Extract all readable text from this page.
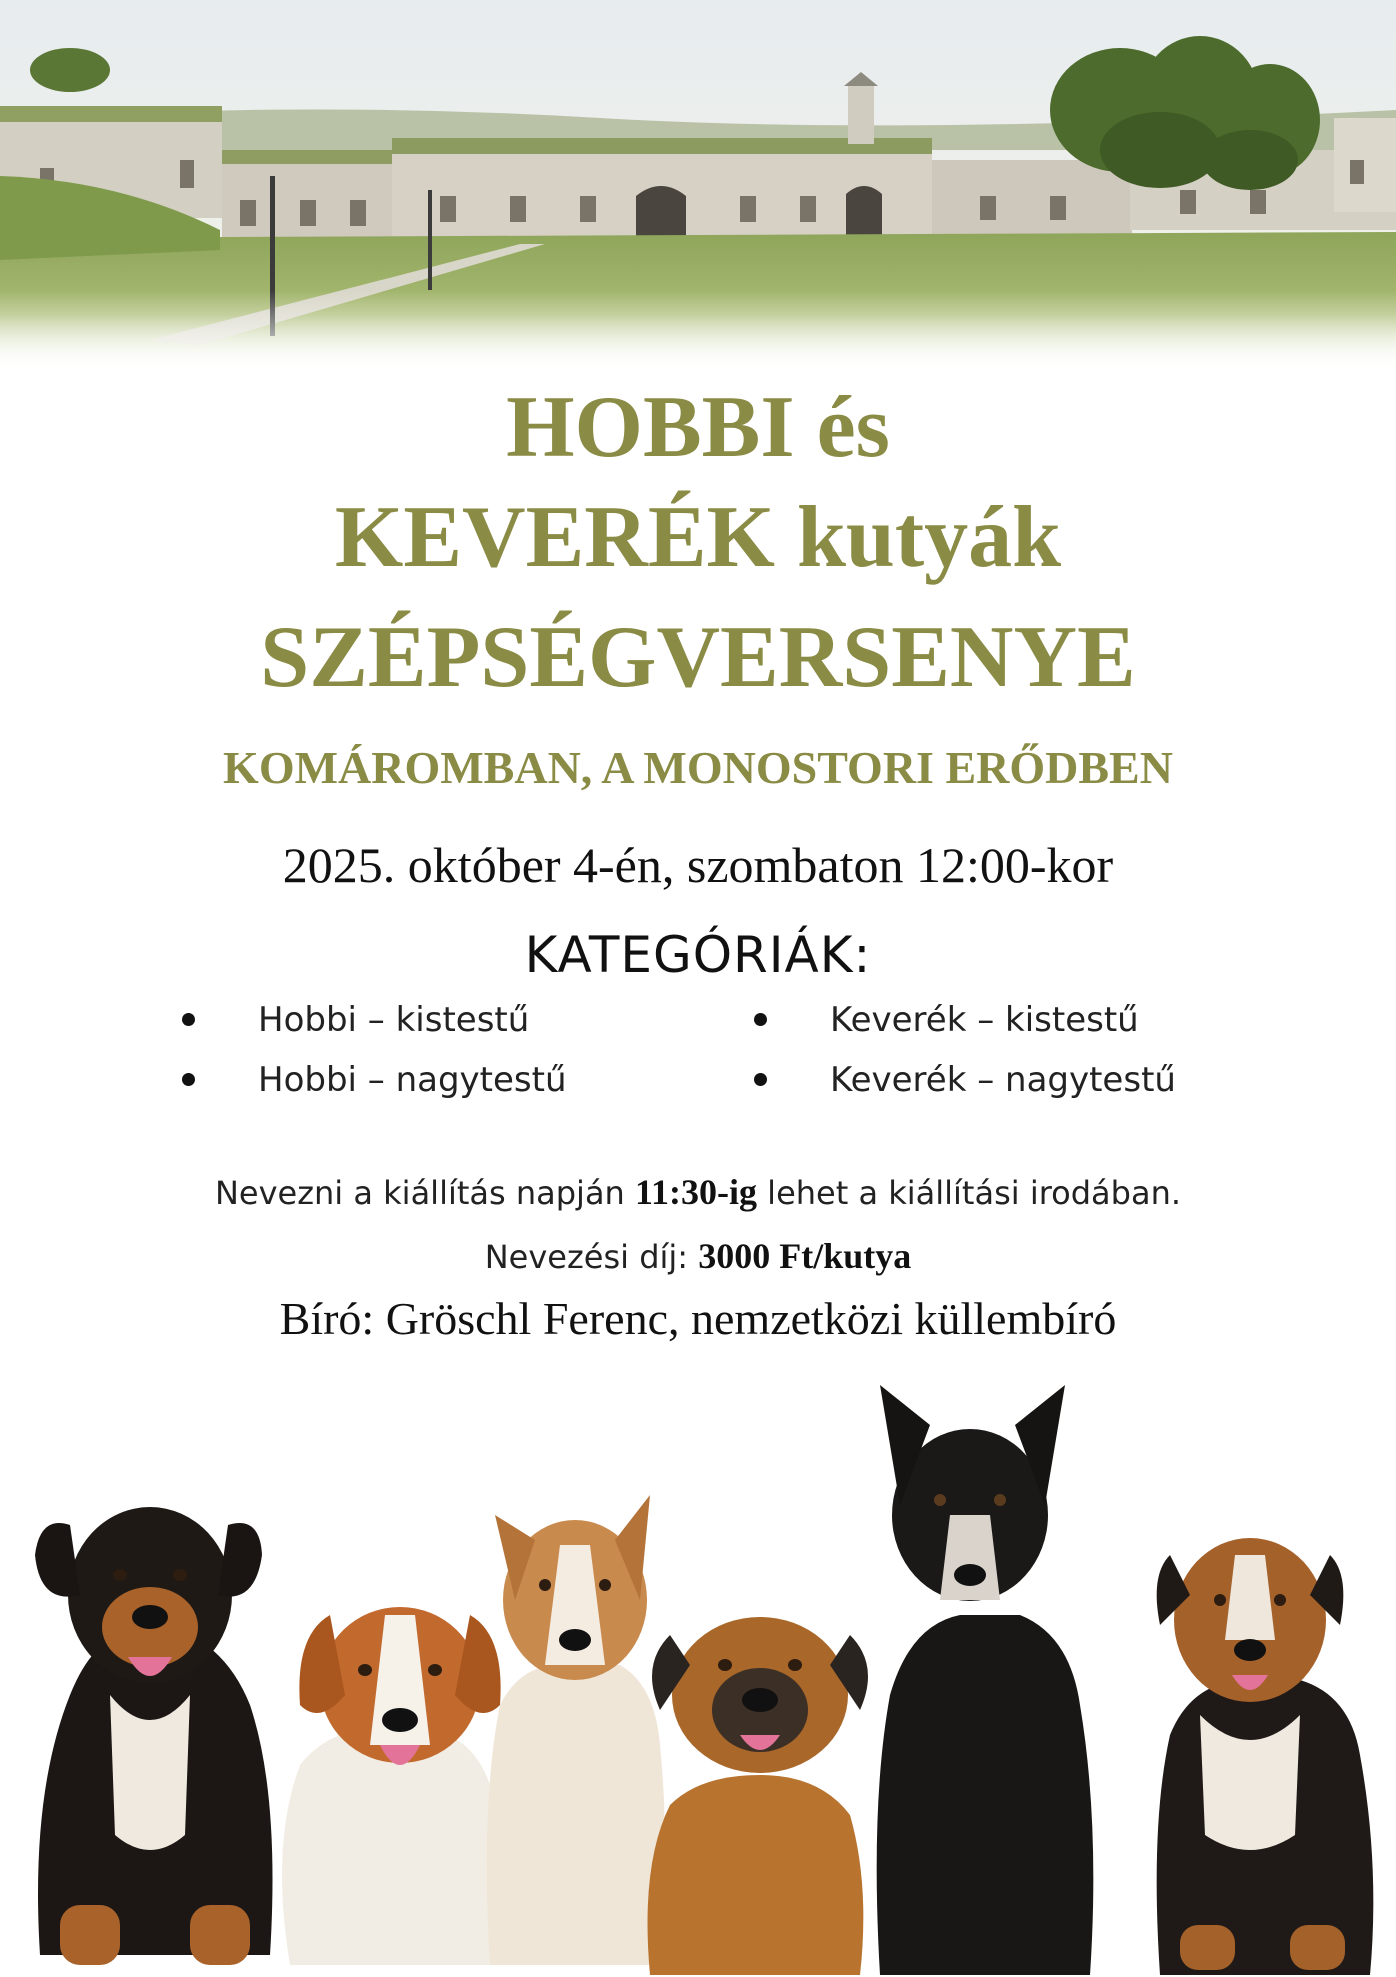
HOBBI és
KEVERÉK kutyák
SZÉPSÉGVERSENYE
KOMÁROMBAN, A MONOSTORI ERŐDBEN
2025. október 4-én, szombaton 12:00-kor
KATEGÓRIÁK:
Hobbi – kistestű
Hobbi – nagytestű
Keverék – kistestű
Keverék – nagytestű
Nevezni a kiállítás napján 11:30-ig lehet a kiállítási irodában.
Nevezési díj: 3000 Ft/kutya
Bíró: Gröschl Ferenc, nemzetközi küllembíró
